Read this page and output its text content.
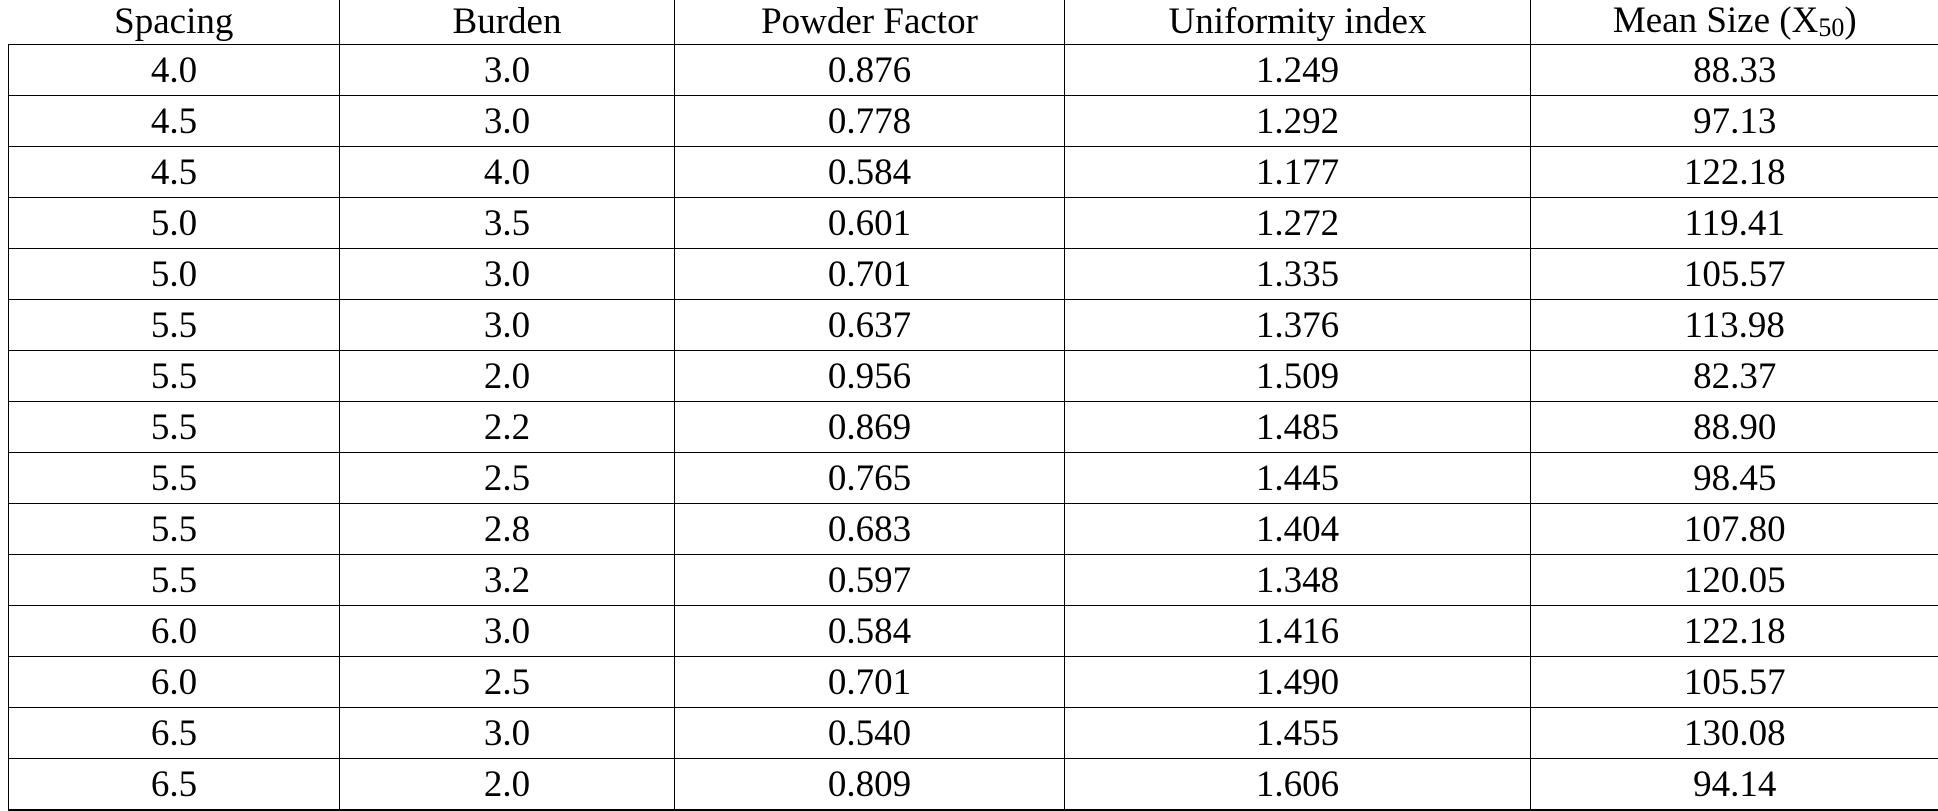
Spacing	Burden	Powder Factor	Uniformity index	Mean Size (X50)
4.0	3.0	0.876	1.249	88.33
4.5	3.0	0.778	1.292	97.13
4.5	4.0	0.584	1.177	122.18
5.0	3.5	0.601	1.272	119.41
5.0	3.0	0.701	1.335	105.57
5.5	3.0	0.637	1.376	113.98
5.5	2.0	0.956	1.509	82.37
5.5	2.2	0.869	1.485	88.90
5.5	2.5	0.765	1.445	98.45
5.5	2.8	0.683	1.404	107.80
5.5	3.2	0.597	1.348	120.05
6.0	3.0	0.584	1.416	122.18
6.0	2.5	0.701	1.490	105.57
6.5	3.0	0.540	1.455	130.08
6.5	2.0	0.809	1.606	94.14
